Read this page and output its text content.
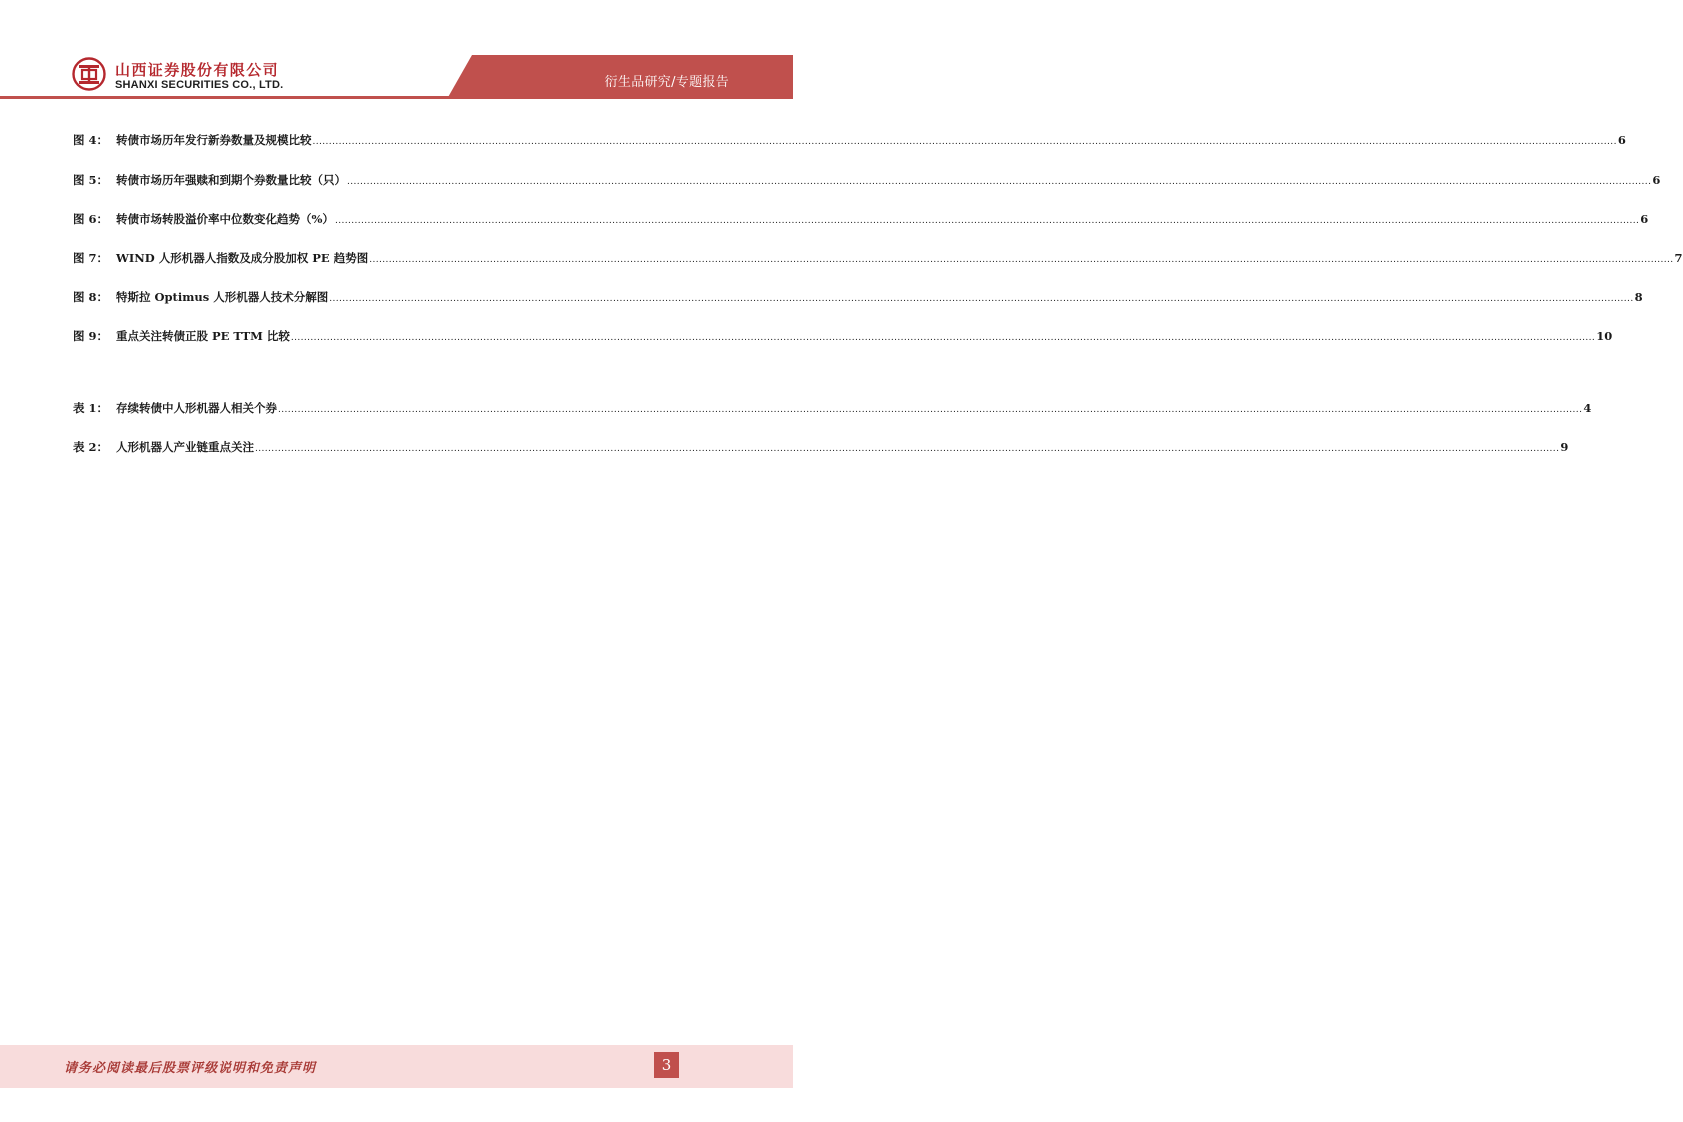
山西证券股份有限公司
SHANXI SECURITIES CO., LTD.	衍生品研究/专题报告
图 4： 转债市场历年发行新券数量及规模比较 ................................................................................................................................................................................................................................................................................................................................................................................................................ 6
图 5： 转债市场历年强赎和到期个券数量比较（只） ................................................................................................................................................................................................................................................................................................................................................................................................................ 6
图 6： 转债市场转股溢价率中位数变化趋势（%） ................................................................................................................................................................................................................................................................................................................................................................................................................ 6
图 7： WIND 人形机器人指数及成分股加权 PE 趋势图 ................................................................................................................................................................................................................................................................................................................................................................................................................ 7
图 8： 特斯拉 Optimus 人形机器人技术分解图 ................................................................................................................................................................................................................................................................................................................................................................................................................ 8
图 9： 重点关注转债正股 PE TTM 比较 ................................................................................................................................................................................................................................................................................................................................................................................................................ 10
表 1： 存续转债中人形机器人相关个券 ................................................................................................................................................................................................................................................................................................................................................................................................................ 4
表 2： 人形机器人产业链重点关注 ................................................................................................................................................................................................................................................................................................................................................................................................................ 9
请务必阅读最后股票评级说明和免责声明	3
